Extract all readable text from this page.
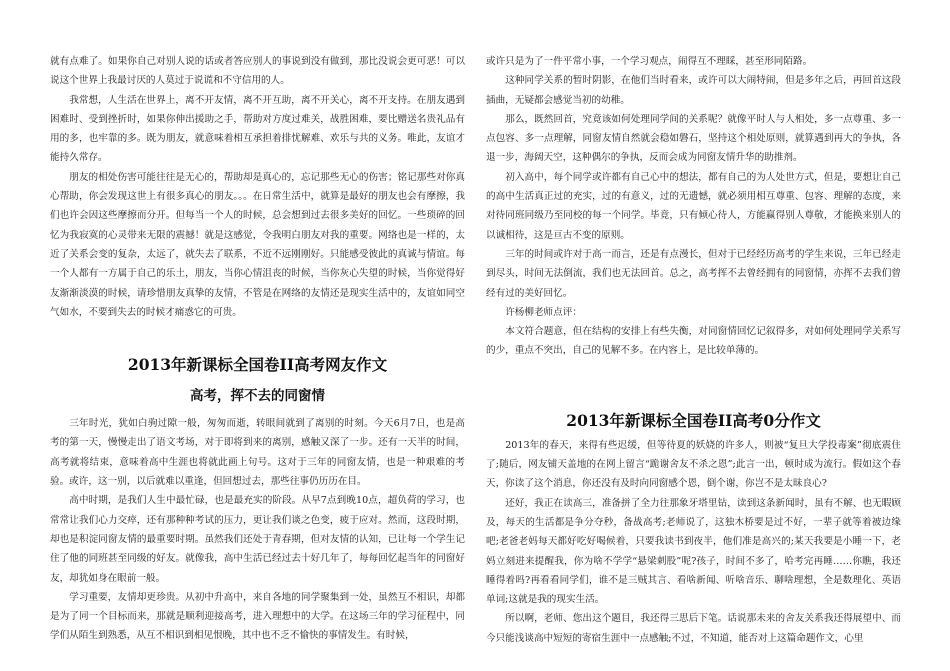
就有点难了。如果你自己对别人说的话或者答应别人的事说到没有做到，那比没说会更可恶！可以说这个世界上我最讨厌的人莫过于说谎和不守信用的人。

我常想，人生活在世界上，离不开友情，离不开互助，离不开关心，离不开支持。在朋友遇到困难时、受到挫折时，如果你伸出援助之手，帮助对方度过难关，战胜困难，要比赠送名贵礼品有用的多，也牢靠的多。既为朋友，就意味着相互承担着排忧解难、欢乐与共的义务。唯此，友谊才能持久常存。

朋友的相处伤害可能往往是无心的，帮助却是真心的，忘记那些无心的伤害；铭记那些对你真心帮助，你会发现这世上有很多真心的朋友。。。在日常生活中，就算是最好的朋友也会有摩擦，我们也许会因这些摩擦而分开。但每当一个人的时候，总会想到过去很多美好的回忆。一些琐碎的回忆为我寂寞的心灵带来无限的震撼！就是这感觉，令我明白朋友对我的重要。网络也是一样的，太近了关系会变的复杂，太远了，就失去了联系，不近不远刚刚好。只能感受彼此的真诚与情谊。每一个人都有一方属于自己的乐土，朋友，当你心情沮丧的时候，当你灰心失望的时候，当你觉得好友渐渐淡漠的时候，请珍惜朋友真挚的友情，不管是在网络的友情还是现实生活中的，友谊如同空气如水，不要到失去的时候才痛惑它的可贵。

2013年新课标全国卷II高考网友作文
高考，挥不去的同窗情

三年时光，犹如白驹过隙一般，匆匆而逝，转眼间就到了离别的时刻。今天6月7日，也是高考的第一天，慢慢走出了语文考场，对于即将到来的离别，感触又深了一步。还有一天半的时间，高考就将结束，意味着高中生涯也将就此画上句号。这对于三年的同窗友情，也是一种艰难的考验。或许，这一别，以后就难以重逢，但回想过去，那些往事仍历历在目。

高中时期，是我们人生中最忙碌，也是最充实的阶段。从早7点到晚10点，超负荷的学习，也常常让我们心力交瘁，还有那种种考试的压力，更让我们谈之色变，疲于应对。然而，这段时期，却也是积淀同窗友情的最重要时期。虽然我们还处于青春期，但对友情的认知，已让每一个学生记住了他的同班甚至同级的好友。就像我，高中生活已经过去十好几年了，每每回忆起当年的同窗好友，却犹如身在眼前一般。

学习重要，友情却更珍贵。从初中升高中，来自各地的同学聚集到一处，虽然互不相识，却都是为了同一个目标而来，那就是顺利迎接高考，进入理想中的大学。在这场三年的学习征程中，同学们从陌生到熟悉，从互不相识到相见恨晚，其中也不乏不愉快的事情发生。有时候，

或许只是为了一件平常小事，一个学习观点，闹得互不理睬，甚至形同陌路。

这种同学关系的暂时阴影，在他们当时看来，或许可以大闹特闹，但是多年之后，再回首这段插曲，无疑都会感觉当初的幼稚。

那么，既然回首，究竟该如何处理同学间的关系呢？就像平时人与人相处，多一点尊重、多一点包容、多一点理解，同窗友情自然就会稳如磐石，坚持这个相处原则，就算遇到再大的争执，各退一步，海阔天空，这种偶尔的争执，反而会成为同窗友情升华的助推剂。

初入高中，每个同学或许都有自己心中的想法，都有自己的为人处世方式，但是，要想让自己的高中生活真正过的充实，过的有意义，过的无遗憾，就必须用相互尊重、包容、理解的态度，来对待同班同级乃至同校的每一个同学。毕竟，只有倾心待人，方能赢得别人尊敬，才能换来别人的以诚相待，这是亘古不变的原则。

三年的时间或许对于高一而言，还是有点漫长，但对于已经经历高考的学生来说，三年已经走到尽头，时间无法倒流，我们也无法回首。总之，高考挥不去曾经拥有的同窗情，亦挥不去我们曾经有过的美好回忆。

许杨柳老师点评：

本文符合题意，但在结构的安排上有些失衡，对同窗情回忆记叙得多，对如何处理同学关系写的少，重点不突出，自己的见解不多。在内容上，是比较单薄的。

2013年新课标全国卷II高考0分作文

2013年的春天，来得有些迟缓，但等待夏的妖娆的许多人，则被“复旦大学投毒案”彻底震住了;随后，网友铺天盖地的在网上留言“跪谢舍友不杀之恩”;此言一出，顿时成为流行。假如这个春天，你读了这个消息，你还没有及时向同窗感个恩，倒个谢，你岂不是太昧良心?

还好，我正在读高三，准备拼了全力往那象牙塔里钻，读到这条新闻时，虽有不解、也无暇顾及，每天的生活都是争分夺秒，备战高考;老师说了，这独木桥要是过不好，一辈子就等着被边缘吧;老爸老妈每天都好吃好喝候着，只要我读书到夜半，他们准是高兴的;某天我要是小睡一下，老妈立刻进来提醒我，你为啥不学学“悬梁刺股”呢?孩子，时间不多了，哈考完再睡……你瞧，我还睡得着吗?再看看同学们，谁不是三贼其言、看啥新闻、听啥音乐、聊啥理想，全是数理化、英语单词;这就是我的现实生活。

所以啊，老师、您出这个题目，我还得三思后下笔。话说那未来的舍友关系我还得展望中、而今只能浅谈高中短短的寄宿生涯中一点感触;不过，不知道，能否对上这篇命题作文，心里
